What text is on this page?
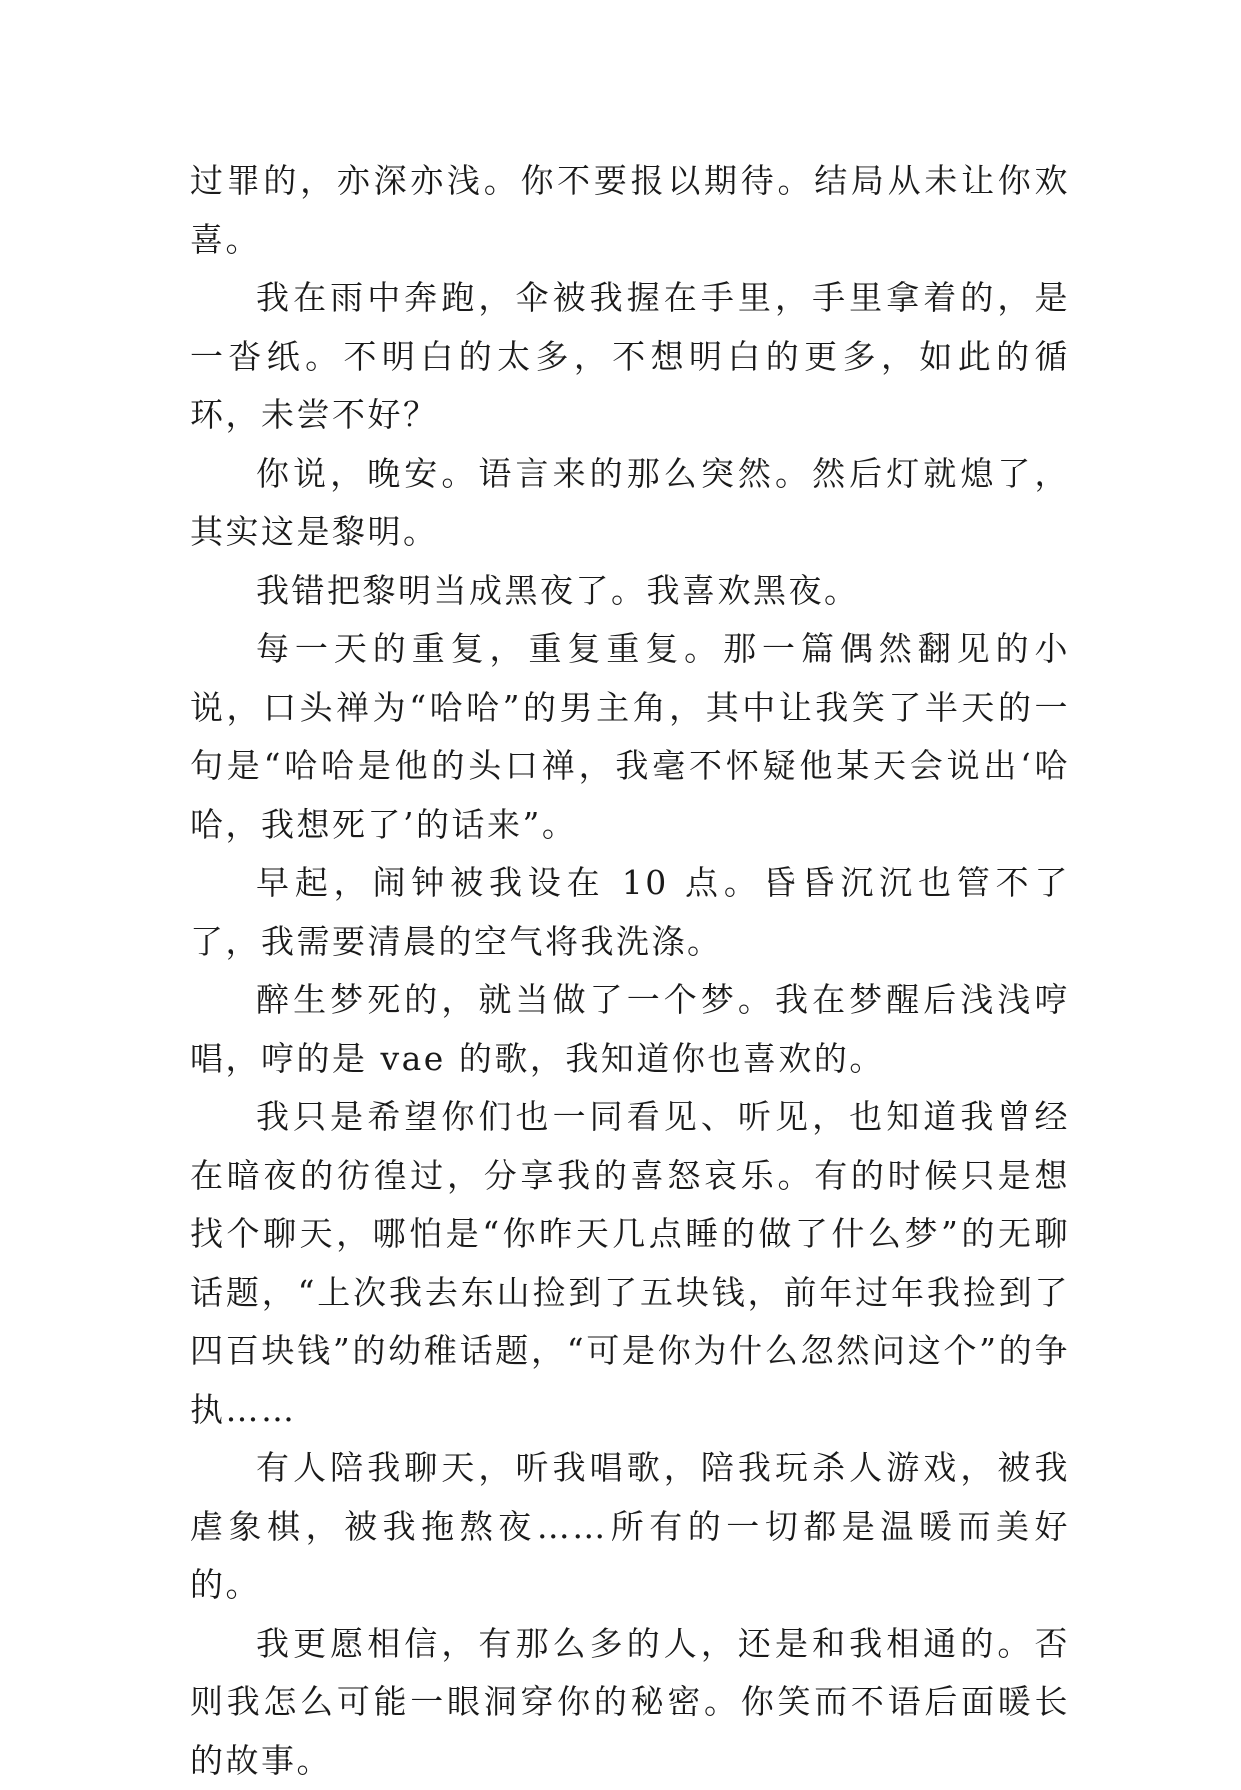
过罪的，亦深亦浅。你不要报以期待。结局从未让你欢喜。

我在雨中奔跑，伞被我握在手里，手里拿着的，是一沓纸。不明白的太多，不想明白的更多，如此的循环，未尝不好？

你说，晚安。语言来的那么突然。然后灯就熄了，其实这是黎明。

我错把黎明当成黑夜了。我喜欢黑夜。

每一天的重复，重复重复。那一篇偶然翻见的小说，口头禅为“哈哈”的男主角，其中让我笑了半天的一句是“哈哈是他的头口禅，我毫不怀疑他某天会说出‘哈哈，我想死了’的话来”。

早起，闹钟被我设在 10 点。昏昏沉沉也管不了了，我需要清晨的空气将我洗涤。

醉生梦死的，就当做了一个梦。我在梦醒后浅浅哼唱，哼的是 vae 的歌，我知道你也喜欢的。

我只是希望你们也一同看见、听见，也知道我曾经在暗夜的彷徨过，分享我的喜怒哀乐。有的时候只是想找个聊天，哪怕是“你昨天几点睡的做了什么梦”的无聊话题，“上次我去东山捡到了五块钱，前年过年我捡到了四百块钱”的幼稚话题，“可是你为什么忽然问这个”的争执……

有人陪我聊天，听我唱歌，陪我玩杀人游戏，被我虐象棋，被我拖熬夜……所有的一切都是温暖而美好的。

我更愿相信，有那么多的人，还是和我相通的。否则我怎么可能一眼洞穿你的秘密。你笑而不语后面暖长的故事。
